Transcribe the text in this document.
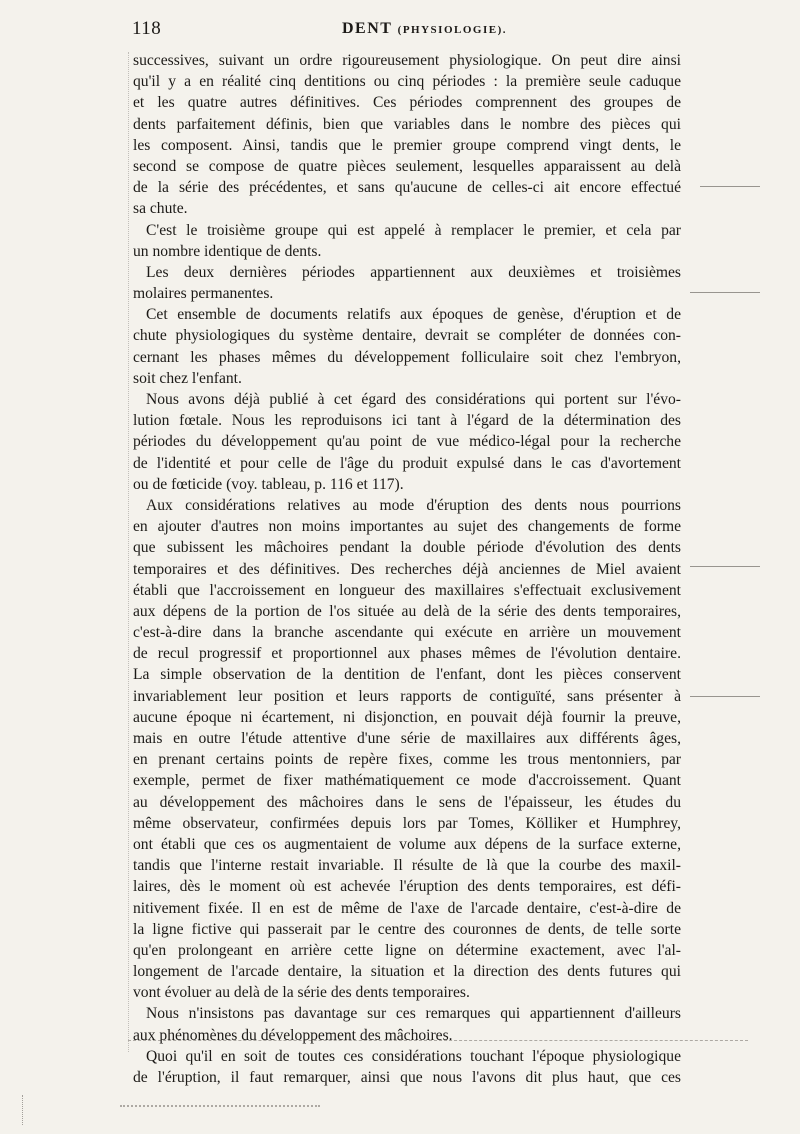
118	DENT (PHYSIOLOGIE).
successives, suivant un ordre rigoureusement physiologique. On peut dire ainsi
qu'il y a en réalité cinq dentitions ou cinq périodes : la première seule caduque
et les quatre autres définitives. Ces périodes comprennent des groupes de
dents parfaitement définis, bien que variables dans le nombre des pièces qui
les composent. Ainsi, tandis que le premier groupe comprend vingt dents, le
second se compose de quatre pièces seulement, lesquelles apparaissent au delà
de la série des précédentes, et sans qu'aucune de celles-ci ait encore effectué
sa chute.
C'est le troisième groupe qui est appelé à remplacer le premier, et cela par
un nombre identique de dents.
Les deux dernières périodes appartiennent aux deuxièmes et troisièmes
molaires permanentes.
Cet ensemble de documents relatifs aux époques de genèse, d'éruption et de
chute physiologiques du système dentaire, devrait se compléter de données con-
cernant les phases mêmes du développement folliculaire soit chez l'embryon,
soit chez l'enfant.
Nous avons déjà publié à cet égard des considérations qui portent sur l'évo-
lution fœtale. Nous les reproduisons ici tant à l'égard de la détermination des
périodes du développement qu'au point de vue médico-légal pour la recherche
de l'identité et pour celle de l'âge du produit expulsé dans le cas d'avortement
ou de fœticide (voy. tableau, p. 116 et 117).
Aux considérations relatives au mode d'éruption des dents nous pourrions
en ajouter d'autres non moins importantes au sujet des changements de forme
que subissent les mâchoires pendant la double période d'évolution des dents
temporaires et des définitives. Des recherches déjà anciennes de Miel avaient
établi que l'accroissement en longueur des maxillaires s'effectuait exclusivement
aux dépens de la portion de l'os située au delà de la série des dents temporaires,
c'est-à-dire dans la branche ascendante qui exécute en arrière un mouvement
de recul progressif et proportionnel aux phases mêmes de l'évolution dentaire.
La simple observation de la dentition de l'enfant, dont les pièces conservent
invariablement leur position et leurs rapports de contiguïté, sans présenter à
aucune époque ni écartement, ni disjonction, en pouvait déjà fournir la preuve,
mais en outre l'étude attentive d'une série de maxillaires aux différents âges,
en prenant certains points de repère fixes, comme les trous mentonniers, par
exemple, permet de fixer mathématiquement ce mode d'accroissement. Quant
au développement des mâchoires dans le sens de l'épaisseur, les études du
même observateur, confirmées depuis lors par Tomes, Kölliker et Humphrey,
ont établi que ces os augmentaient de volume aux dépens de la surface externe,
tandis que l'interne restait invariable. Il résulte de là que la courbe des maxil-
laires, dès le moment où est achevée l'éruption des dents temporaires, est défi-
nitivement fixée. Il en est de même de l'axe de l'arcade dentaire, c'est-à-dire de
la ligne fictive qui passerait par le centre des couronnes de dents, de telle sorte
qu'en prolongeant en arrière cette ligne on détermine exactement, avec l'al-
longement de l'arcade dentaire, la situation et la direction des dents futures qui
vont évoluer au delà de la série des dents temporaires.
Nous n'insistons pas davantage sur ces remarques qui appartiennent d'ailleurs
aux phénomènes du développement des mâchoires.
Quoi qu'il en soit de toutes ces considérations touchant l'époque physiologique
de l'éruption, il faut remarquer, ainsi que nous l'avons dit plus haut, que ces
